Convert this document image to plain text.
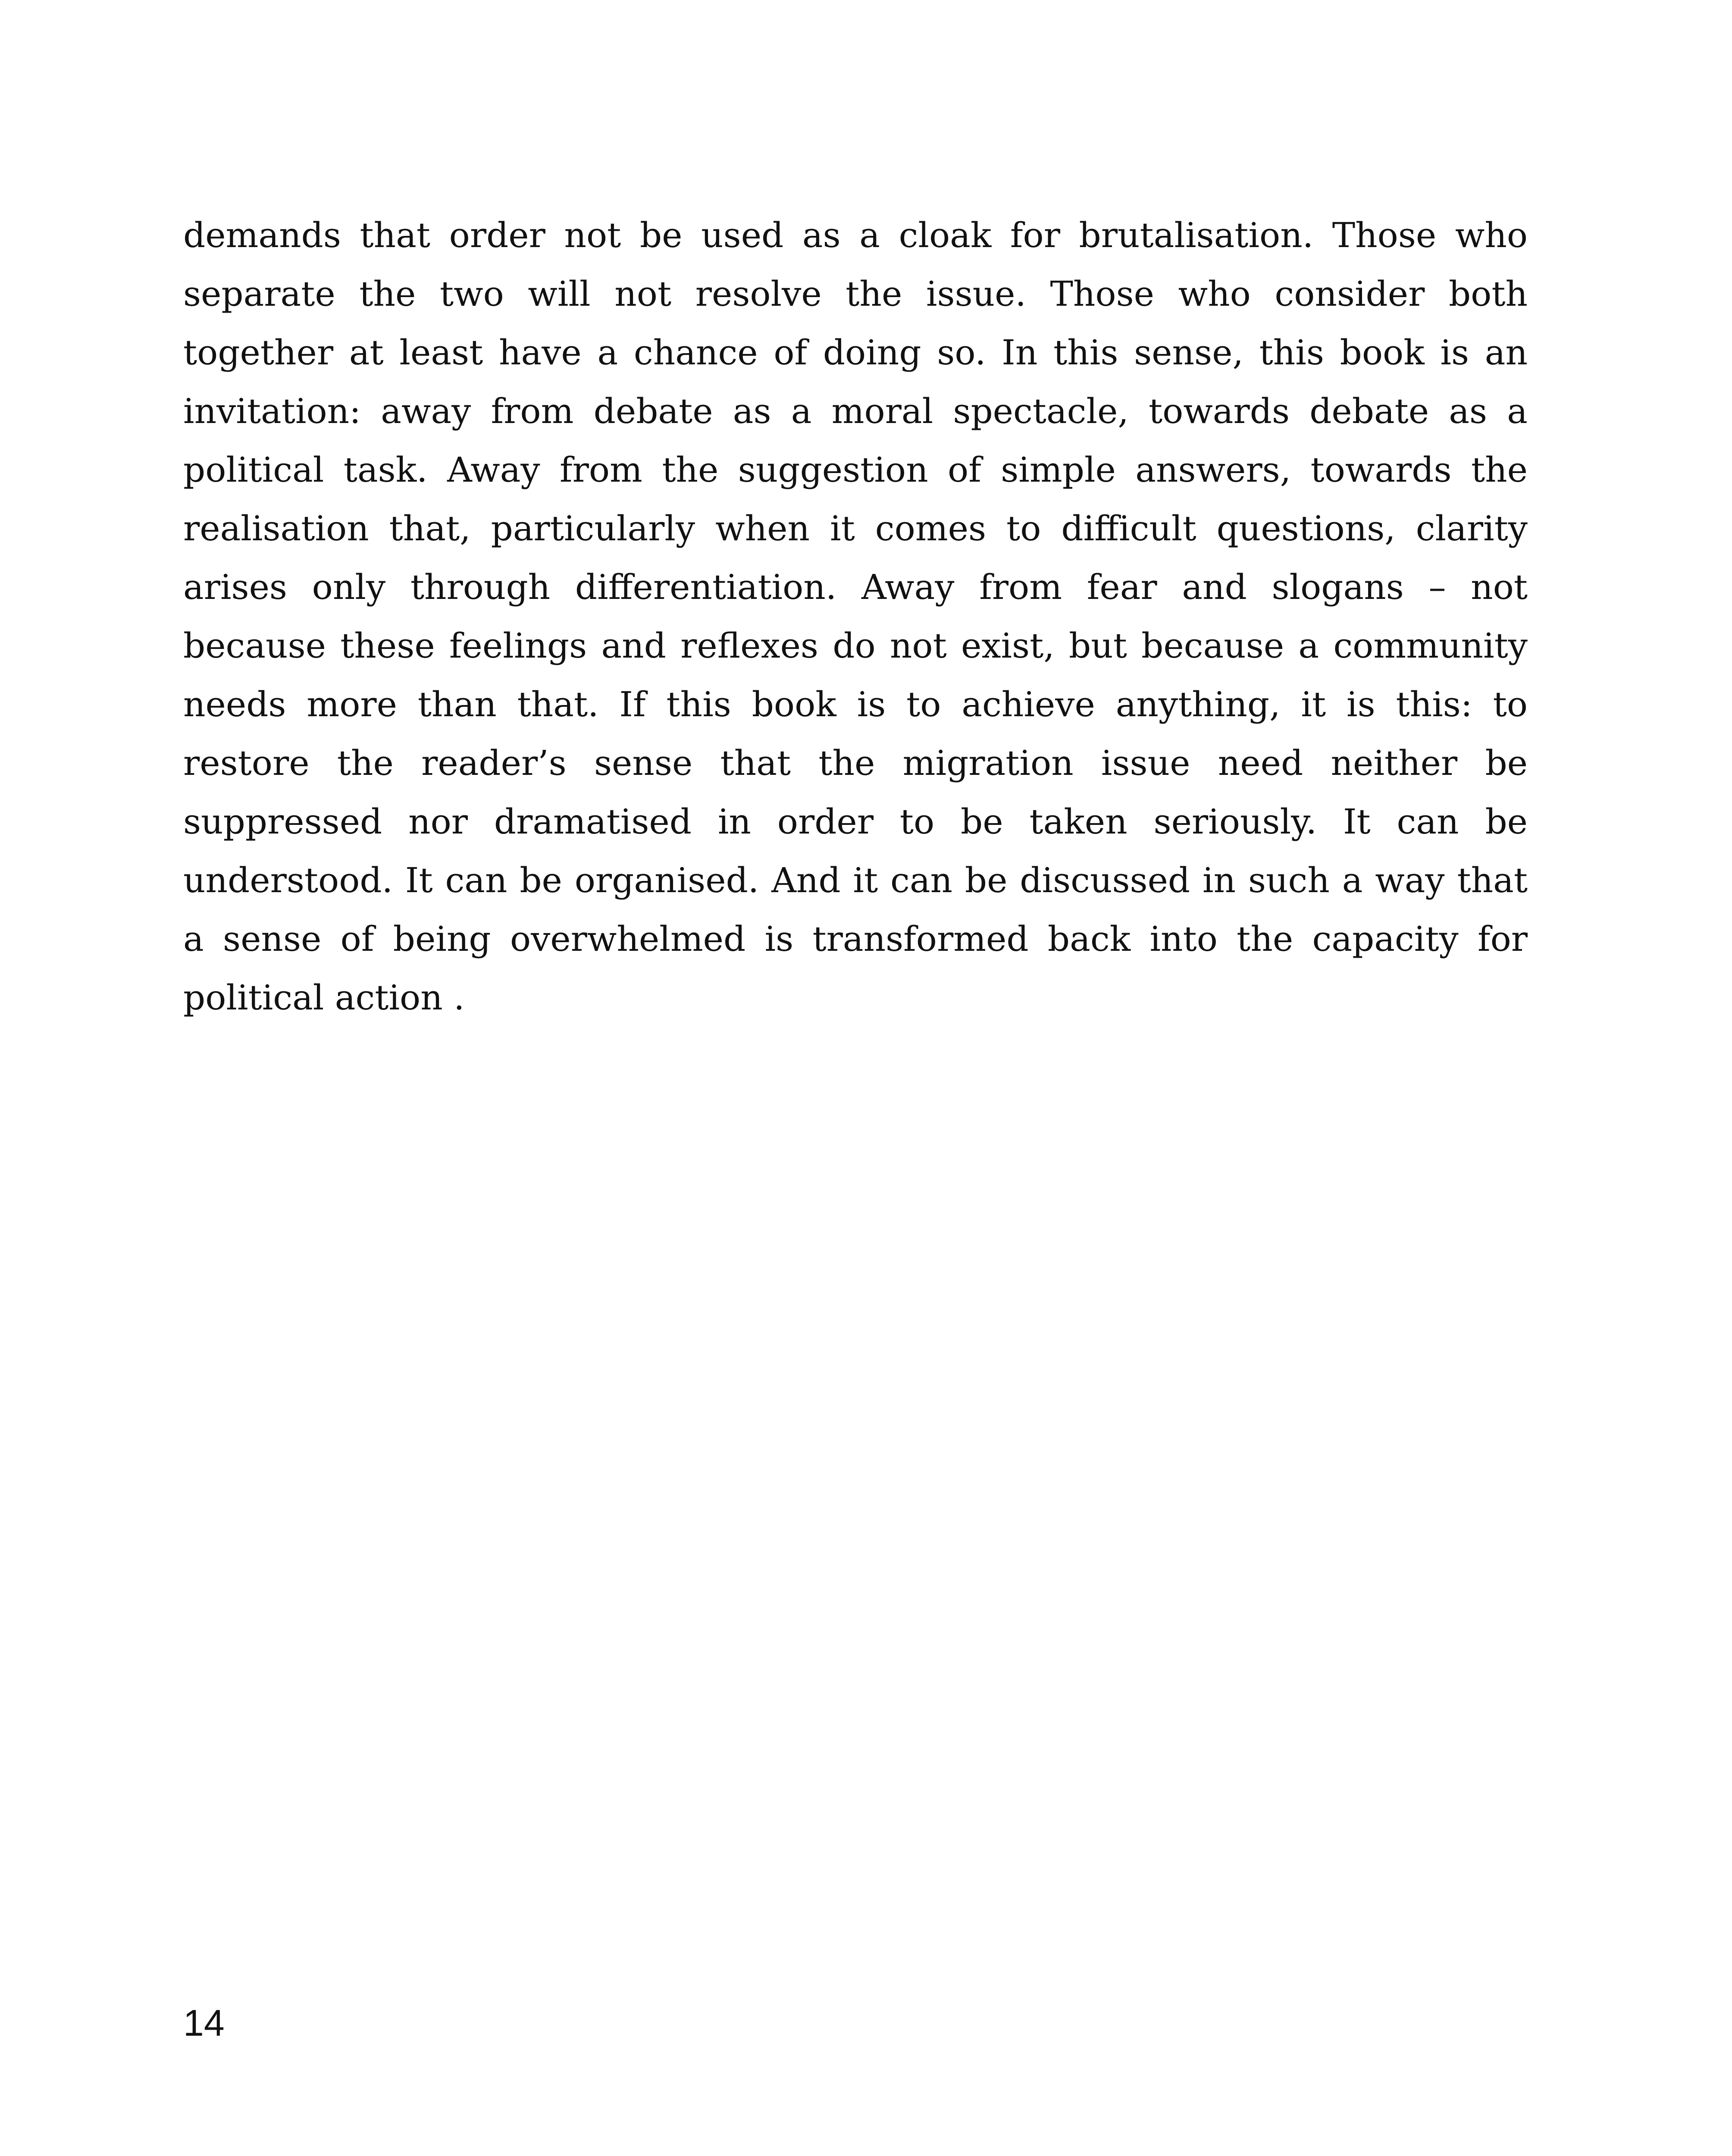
demands that order not be used as a cloak for brutalisation. Those who separate the two will not resolve the issue. Those who consider both together at least have a chance of doing so. In this sense, this book is an invitation: away from debate as a moral spectacle, towards debate as a political task. Away from the suggestion of simple answers, towards the realisation that, particularly when it comes to difficult questions, clarity arises only through differentiation. Away from fear and slogans – not because these feelings and reflexes do not exist, but because a community needs more than that. If this book is to achieve anything, it is this: to restore the reader’s sense that the migration issue need neither be suppressed nor dramatised in order to be taken seriously. It can be understood. It can be organised. And it can be discussed in such a way that a sense of being overwhelmed is transformed back into the capacity for political action .

14
